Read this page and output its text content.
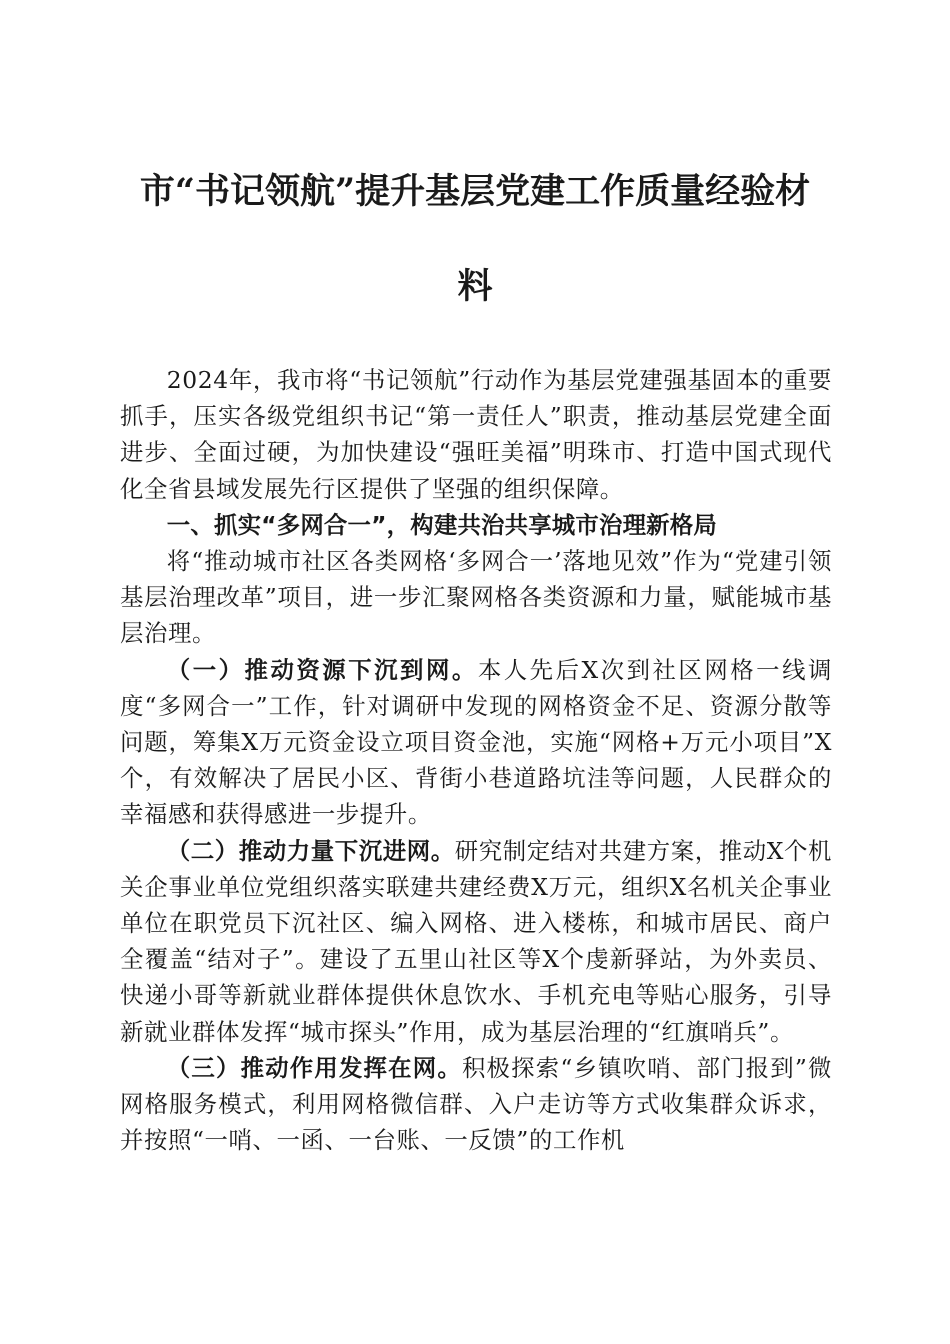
市“书记领航”提升基层党建工作质量经验材
料

2024年，我市将“书记领航”行动作为基层党建强基固本的重要抓手，压实各级党组织书记“第一责任人”职责，推动基层党建全面进步、全面过硬，为加快建设“强旺美福”明珠市、打造中国式现代化全省县域发展先行区提供了坚强的组织保障。

一、抓实“多网合一”，构建共治共享城市治理新格局

将“推动城市社区各类网格‘多网合一’落地见效”作为“党建引领基层治理改革”项目，进一步汇聚网格各类资源和力量，赋能城市基层治理。

（一）推动资源下沉到网。本人先后X次到社区网格一线调度“多网合一”工作，针对调研中发现的网格资金不足、资源分散等问题，筹集X万元资金设立项目资金池，实施“网格+万元小项目”X个，有效解决了居民小区、背街小巷道路坑洼等问题，人民群众的幸福感和获得感进一步提升。

（二）推动力量下沉进网。研究制定结对共建方案，推动X个机关企事业单位党组织落实联建共建经费X万元，组织X名机关企事业单位在职党员下沉社区、编入网格、进入楼栋，和城市居民、商户全覆盖“结对子”。建设了五里山社区等X个虔新驿站，为外卖员、快递小哥等新就业群体提供休息饮水、手机充电等贴心服务，引导新就业群体发挥“城市探头”作用，成为基层治理的“红旗哨兵”。

（三）推动作用发挥在网。积极探索“乡镇吹哨、部门报到”微网格服务模式，利用网格微信群、入户走访等方式收集群众诉求，并按照“一哨、一函、一台账、一反馈”的工作机
